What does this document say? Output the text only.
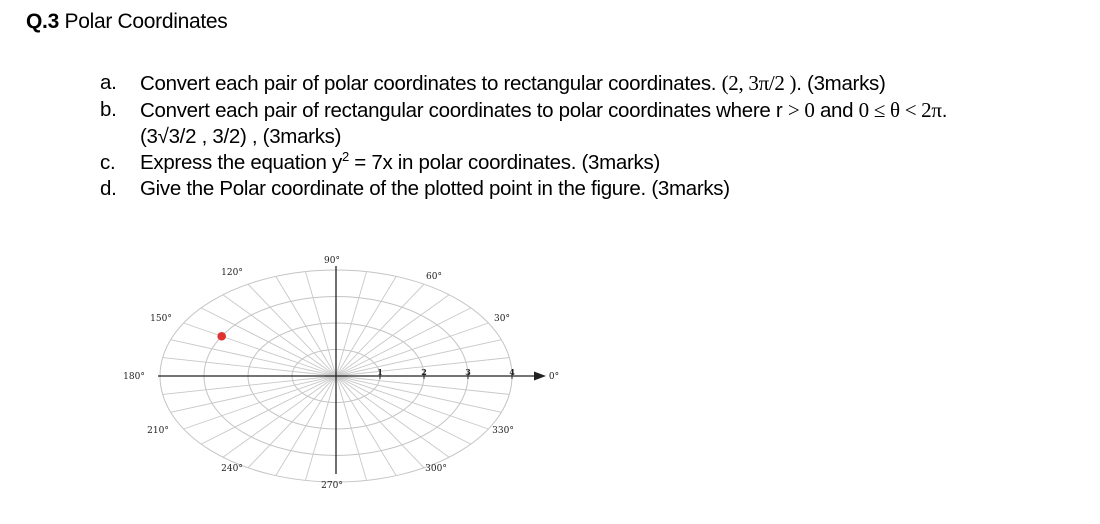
Q.3 Polar Coordinates
a. Convert each pair of polar coordinates to rectangular coordinates. (2, 3π/2 ). (3marks)
b. Convert each pair of rectangular coordinates to polar coordinates where r > 0 and 0 ≤ θ < 2π.
(3√3/2 , 3/2) , (3marks)
c. Express the equation $y^2 = 7x$ in polar coordinates. (3marks)
d. Give the Polar coordinate of the plotted point in the figure. (3marks)
1	2	3	4	0°
30°
60°
90°
120°
150°
180°
210°
240°
270°
300°
330°
